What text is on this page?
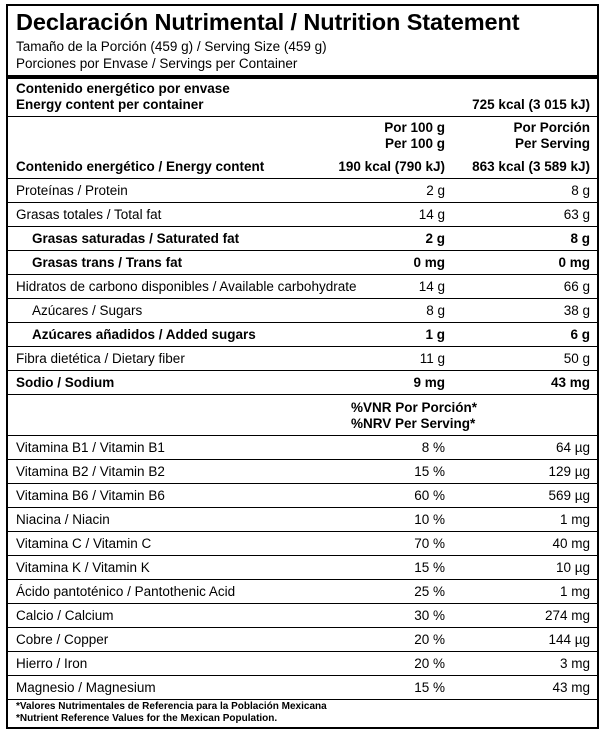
Declaración Nutrimental / Nutrition Statement
Tamaño de la Porción (459 g) / Serving Size (459 g)
Porciones por Envase / Servings per Container
Contenido energético por envase
Energy content per container	725 kcal (3 015 kJ)
Por 100 g
Per 100 g
Por Porción
Per Serving
Contenido energético / Energy content	190 kcal (790 kJ) 863 kcal (3 589 kJ)
%VNR Por Porción*
%NRV Per Serving*
*Valores Nutrimentales de Referencia para la Población Mexicana
*Nutrient Reference Values for the Mexican Population.
Proteínas / Protein	2 g	8 g
Grasas totales / Total fat	14 g	63 g
Grasas saturadas / Saturated fat	2 g	8 g
Grasas trans / Trans fat	0 mg	0 mg
Hidratos de carbono disponibles / Available carbohydrate	14 g	66 g
Azúcares / Sugars	8 g	38 g
Azúcares añadidos / Added sugars	1 g	6 g
Fibra dietética / Dietary fiber	11 g	50 g
Sodio / Sodium	9 mg	43 mg
Vitamina B1 / Vitamin B1	8 %	64 µg
Vitamina B2 / Vitamin B2	15 %	129 µg
Vitamina B6 / Vitamin B6	60 %	569 µg
Niacina / Niacin	10 %	1 mg
Vitamina C / Vitamin C	70 %	40 mg
Vitamina K / Vitamin K	15 %	10 µg
Ácido pantoténico / Pantothenic Acid	25 %	1 mg
Calcio / Calcium	30 %	274 mg
Cobre / Copper	20 %	144 µg
Hierro / Iron	20 %	3 mg
Magnesio / Magnesium	15 %	43 mg
